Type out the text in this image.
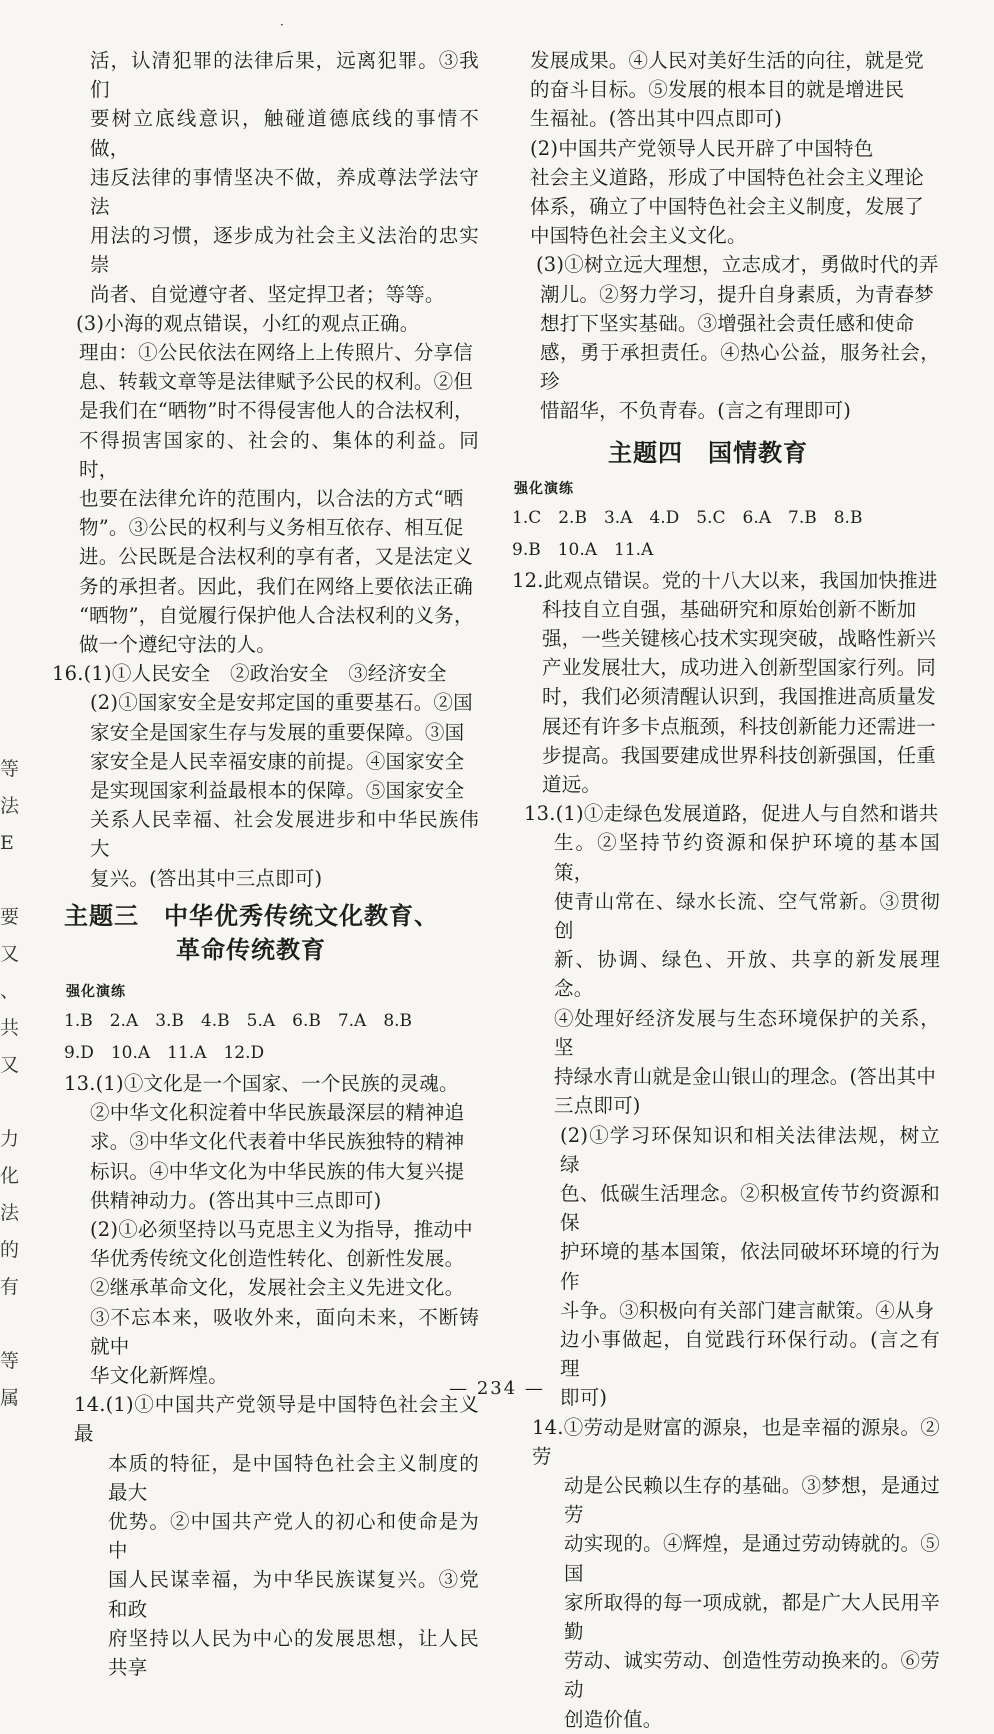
·
等
法
E
要
又
、
共
又
力
化
法
的
有
等
属

活，认清犯罪的法律后果，远离犯罪。③我们

要树立底线意识，触碰道德底线的事情不做，

违反法律的事情坚决不做，养成尊法学法守法

用法的习惯，逐步成为社会主义法治的忠实崇

尚者、自觉遵守者、坚定捍卫者；等等。

(3)小海的观点错误，小红的观点正确。

理由：①公民依法在网络上上传照片、分享信

息、转载文章等是法律赋予公民的权利。②但

是我们在“晒物”时不得侵害他人的合法权利，

不得损害国家的、社会的、集体的利益。同时，

也要在法律允许的范围内，以合法的方式“晒

物”。③公民的权利与义务相互依存、相互促

进。公民既是合法权利的享有者，又是法定义

务的承担者。因此，我们在网络上要依法正确

“晒物”，自觉履行保护他人合法权利的义务，

做一个遵纪守法的人。

16.(1)①人民安全　②政治安全　③经济安全

(2)①国家安全是安邦定国的重要基石。②国

家安全是国家生存与发展的重要保障。③国

家安全是人民幸福安康的前提。④国家安全

是实现国家利益最根本的保障。⑤国家安全

关系人民幸福、社会发展进步和中华民族伟大

复兴。(答出其中三点即可)

主题三　中华优秀传统文化教育、
革命传统教育
强化演练

1.B　2.A　3.B　4.B　5.A　6.B　7.A　8.B

9.D　10.A　11.A　12.D

13.(1)①文化是一个国家、一个民族的灵魂。

②中华文化积淀着中华民族最深层的精神追

求。③中华文化代表着中华民族独特的精神

标识。④中华文化为中华民族的伟大复兴提

供精神动力。(答出其中三点即可)

(2)①必须坚持以马克思主义为指导，推动中

华优秀传统文化创造性转化、创新性发展。

②继承革命文化，发展社会主义先进文化。

③不忘本来，吸收外来，面向未来，不断铸就中

华文化新辉煌。

14.(1)①中国共产党领导是中国特色社会主义最

本质的特征，是中国特色社会主义制度的最大

优势。②中国共产党人的初心和使命是为中

国人民谋幸福，为中华民族谋复兴。③党和政

府坚持以人民为中心的发展思想，让人民共享

发展成果。④人民对美好生活的向往，就是党

的奋斗目标。⑤发展的根本目的就是增进民

生福祉。(答出其中四点即可)

(2)中国共产党领导人民开辟了中国特色

社会主义道路，形成了中国特色社会主义理论

体系，确立了中国特色社会主义制度，发展了

中国特色社会主义文化。

(3)①树立远大理想，立志成才，勇做时代的弄

潮儿。②努力学习，提升自身素质，为青春梦

想打下坚实基础。③增强社会责任感和使命

感，勇于承担责任。④热心公益，服务社会，珍

惜韶华，不负青春。(言之有理即可)

主题四　国情教育
强化演练

1.C　2.B　3.A　4.D　5.C　6.A　7.B　8.B

9.B　10.A　11.A

12.此观点错误。党的十八大以来，我国加快推进

科技自立自强，基础研究和原始创新不断加

强，一些关键核心技术实现突破，战略性新兴

产业发展壮大，成功进入创新型国家行列。同

时，我们必须清醒认识到，我国推进高质量发

展还有许多卡点瓶颈，科技创新能力还需进一

步提高。我国要建成世界科技创新强国，任重

道远。

13.(1)①走绿色发展道路，促进人与自然和谐共

生。②坚持节约资源和保护环境的基本国策，

使青山常在、绿水长流、空气常新。③贯彻创

新、协调、绿色、开放、共享的新发展理念。

④处理好经济发展与生态环境保护的关系，坚

持绿水青山就是金山银山的理念。(答出其中

三点即可)

(2)①学习环保知识和相关法律法规，树立绿

色、低碳生活理念。②积极宣传节约资源和保

护环境的基本国策，依法同破坏环境的行为作

斗争。③积极向有关部门建言献策。④从身

边小事做起，自觉践行环保行动。(言之有理

即可)

14.①劳动是财富的源泉，也是幸福的源泉。②劳

动是公民赖以生存的基础。③梦想，是通过劳

动实现的。④辉煌，是通过劳动铸就的。⑤国

家所取得的每一项成就，都是广大人民用辛勤

劳动、诚实劳动、创造性劳动换来的。⑥劳动

创造价值。

— 234 —
